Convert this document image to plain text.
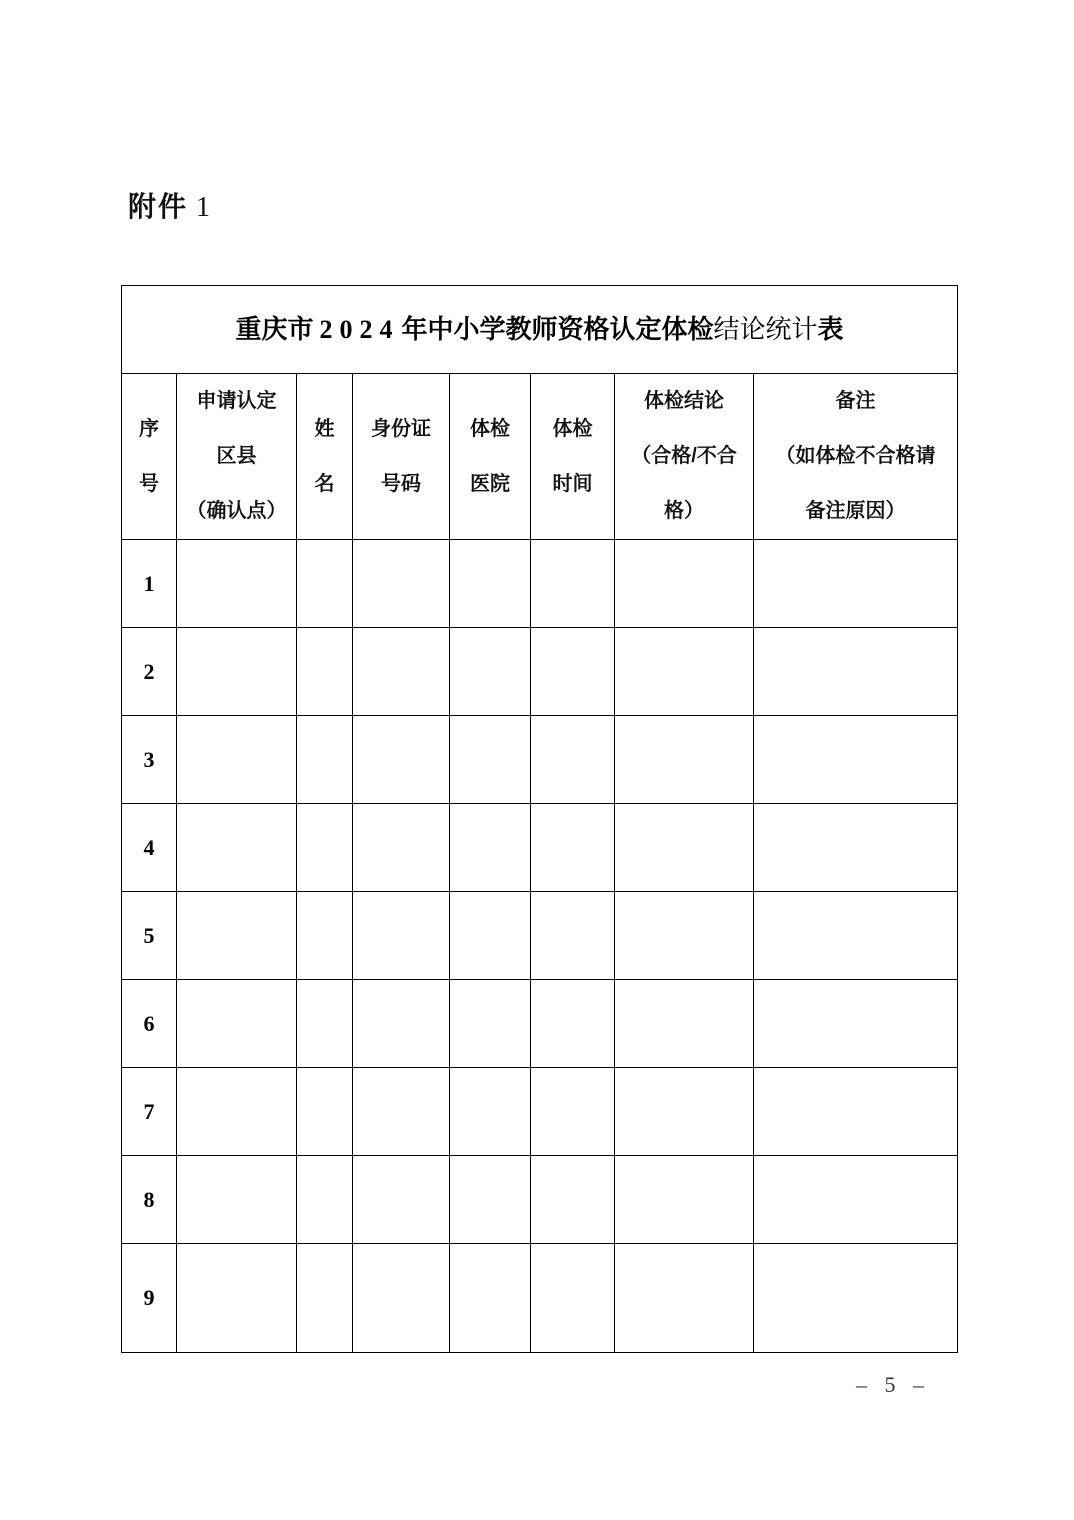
附件 1
重庆市 2024年中小学教师资格认定体检结论统计表							

序
号	申请认定
区县
（确认点）	姓
名	身份证
号码	体检
医院	体检
时间	体检结论
（合格/不合
格）	备注
（如体检不合格请
备注原因）

1							
2							
3							
4							
5							
6							
7							
8							
9							
– 5 –
